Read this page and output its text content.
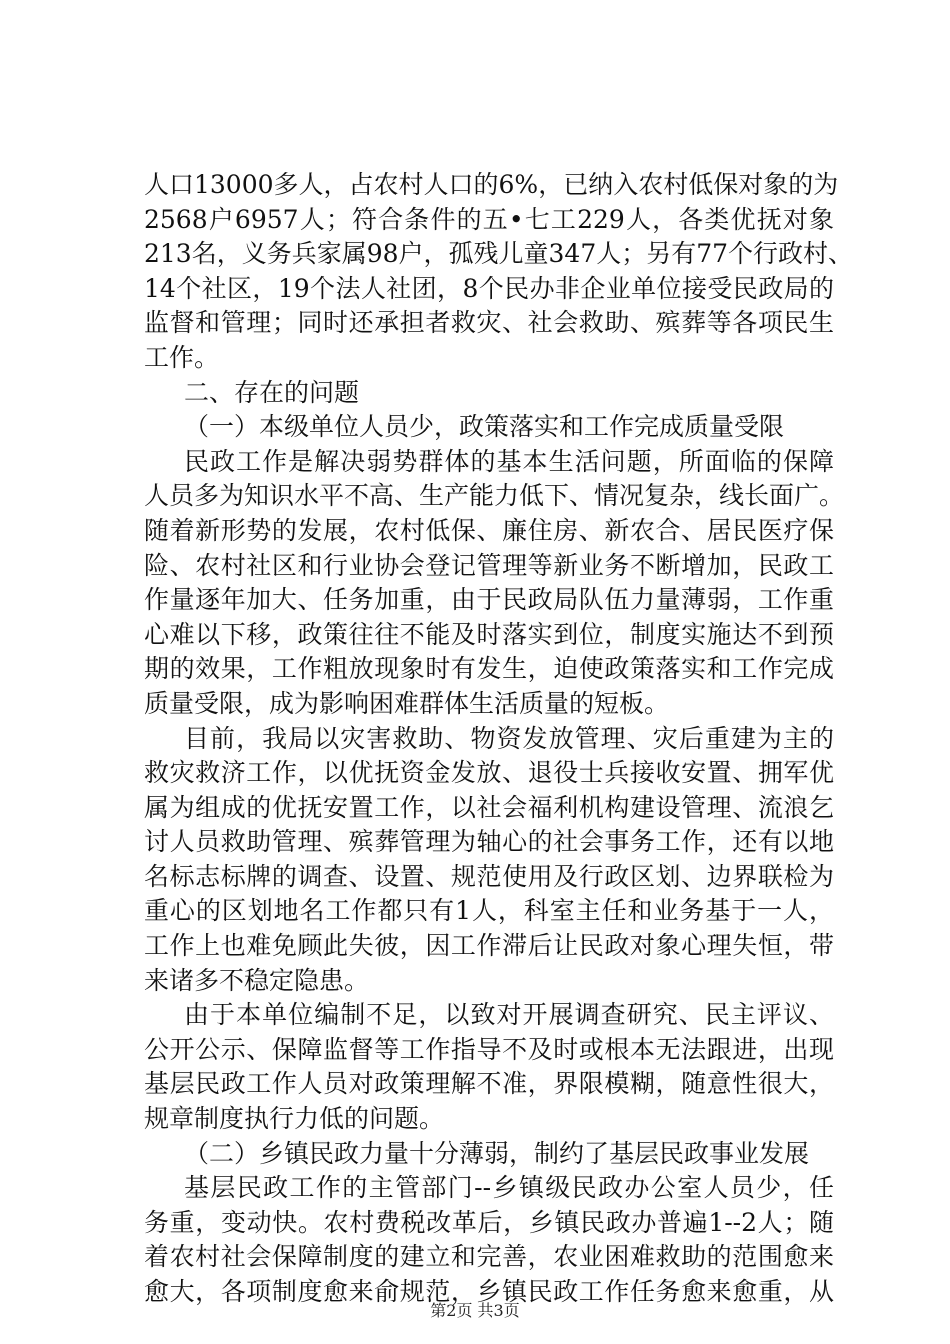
人口13000多人，占农村人口的6%，已纳入农村低保对象的为
2568户6957人；符合条件的五•七工229人，各类优抚对象
213名，义务兵家属98户，孤残儿童347人；另有77个行政村、
14个社区，19个法人社团，8个民办非企业单位接受民政局的
监督和管理；同时还承担者救灾、社会救助、殡葬等各项民生
工作。
二、存在的问题
（一）本级单位人员少，政策落实和工作完成质量受限
民政工作是解决弱势群体的基本生活问题，所面临的保障
人员多为知识水平不高、生产能力低下、情况复杂，线长面广。
随着新形势的发展，农村低保、廉住房、新农合、居民医疗保
险、农村社区和行业协会登记管理等新业务不断增加，民政工
作量逐年加大、任务加重，由于民政局队伍力量薄弱，工作重
心难以下移，政策往往不能及时落实到位，制度实施达不到预
期的效果，工作粗放现象时有发生，迫使政策落实和工作完成
质量受限，成为影响困难群体生活质量的短板。
目前，我局以灾害救助、物资发放管理、灾后重建为主的
救灾救济工作，以优抚资金发放、退役士兵接收安置、拥军优
属为组成的优抚安置工作，以社会福利机构建设管理、流浪乞
讨人员救助管理、殡葬管理为轴心的社会事务工作，还有以地
名标志标牌的调查、设置、规范使用及行政区划、边界联检为
重心的区划地名工作都只有1人，科室主任和业务基于一人，
工作上也难免顾此失彼，因工作滞后让民政对象心理失恒，带
来诸多不稳定隐患。
由于本单位编制不足，以致对开展调查研究、民主评议、
公开公示、保障监督等工作指导不及时或根本无法跟进，出现
基层民政工作人员对政策理解不准，界限模糊，随意性很大，
规章制度执行力低的问题。
（二）乡镇民政力量十分薄弱，制约了基层民政事业发展
基层民政工作的主管部门--乡镇级民政办公室人员少，任
务重，变动快。农村费税改革后，乡镇民政办普遍1--2人；随
着农村社会保障制度的建立和完善，农业困难救助的范围愈来
愈大，各项制度愈来俞规范，乡镇民政工作任务愈来愈重，从
第2页 共3页
